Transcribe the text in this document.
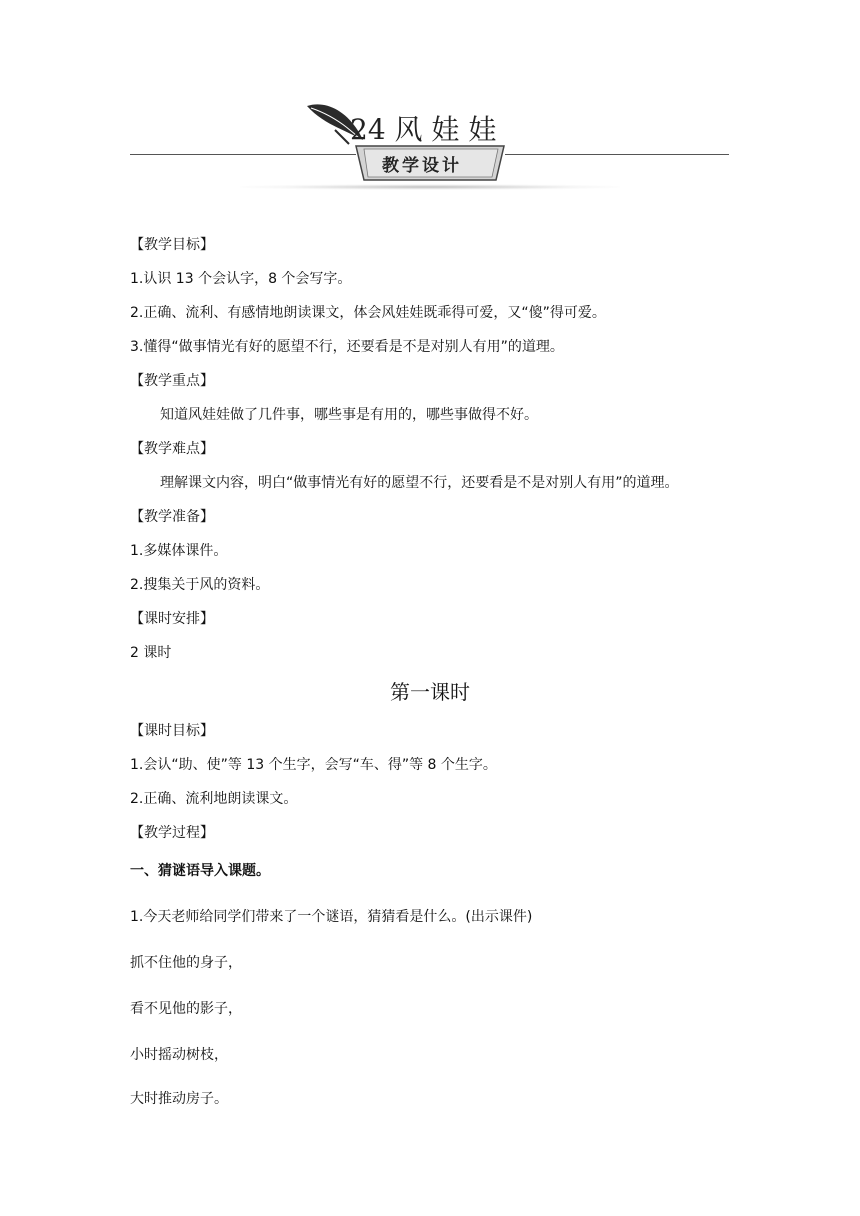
24 风 娃 娃
教学设计
【教学目标】
1.认识 13 个会认字，8 个会写字。
2.正确、流利、有感情地朗读课文，体会风娃娃既乖得可爱，又“傻”得可爱。
3.懂得“做事情光有好的愿望不行，还要看是不是对别人有用”的道理。
【教学重点】
知道风娃娃做了几件事，哪些事是有用的，哪些事做得不好。
【教学难点】
理解课文内容，明白“做事情光有好的愿望不行，还要看是不是对别人有用”的道理。
【教学准备】
1.多媒体课件。
2.搜集关于风的资料。
【课时安排】
2 课时
第一课时
【课时目标】
1.会认“助、使”等 13 个生字，会写“车、得”等 8 个生字。
2.正确、流利地朗读课文。
【教学过程】
一、猜谜语导入课题。
1.今天老师给同学们带来了一个谜语，猜猜看是什么。(出示课件)
抓不住他的身子，
看不见他的影子，
小时摇动树枝，
大时推动房子。
